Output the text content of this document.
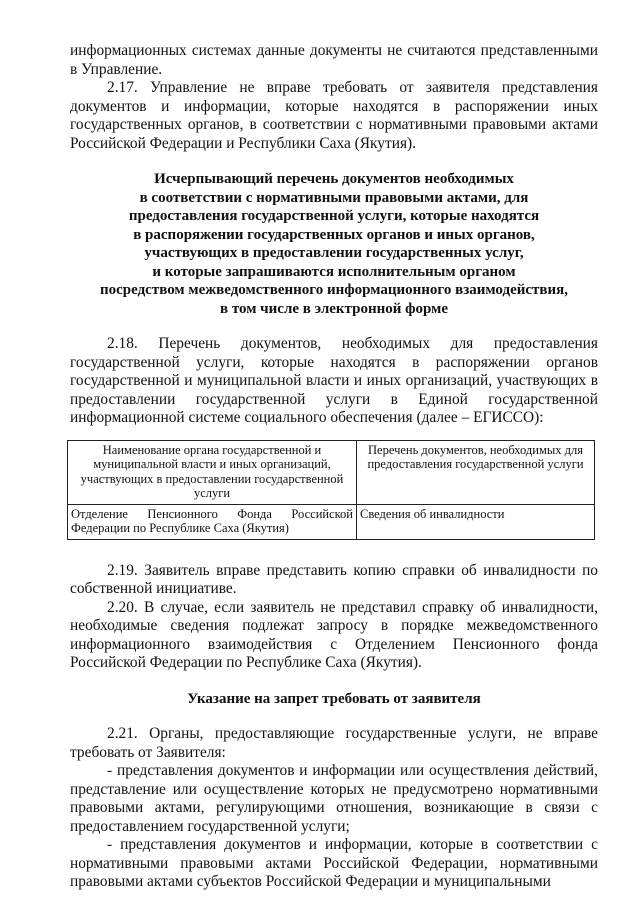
информационных системах данные документы не считаются представленными в Управление.

2.17. Управление не вправе требовать от заявителя представления документов и информации, которые находятся в распоряжении иных государственных органов, в соответствии с нормативными правовыми актами Российской Федерации и Республики Саха (Якутия).

Исчерпывающий перечень документов необходимых
в соответствии с нормативными правовыми актами, для
предоставления государственной услуги, которые находятся
в распоряжении государственных органов и иных органов,
участвующих в предоставлении государственных услуг,
и которые запрашиваются исполнительным органом
посредством межведомственного информационного взаимодействия,
в том числе в электронной форме

2.18. Перечень документов, необходимых для предоставления государственной услуги, которые находятся в распоряжении органов государственной и муниципальной власти и иных организаций, участвующих в предоставлении государственной услуги в Единой государственной информационной системе социального обеспечения (далее – ЕГИССО):

Наименование органа государственной и муниципальной власти и иных организаций, участвующих в предоставлении государственной услуги	Перечень документов, необходимых для предоставления государственной услуги
Отделение Пенсионного Фонда Российской Федерации по Республике Саха (Якутия)	Сведения об инвалидности

2.19. Заявитель вправе представить копию справки об инвалидности по собственной инициативе.

2.20. В случае, если заявитель не представил справку об инвалидности, необходимые сведения подлежат запросу в порядке межведомственного информационного взаимодействия с Отделением Пенсионного фонда Российской Федерации по Республике Саха (Якутия).

Указание на запрет требовать от заявителя

2.21. Органы, предоставляющие государственные услуги, не вправе требовать от Заявителя:

- представления документов и информации или осуществления действий, представление или осуществление которых не предусмотрено нормативными правовыми актами, регулирующими отношения, возникающие в связи с предоставлением государственной услуги;

- представления документов и информации, которые в соответствии с нормативными правовыми актами Российской Федерации, нормативными правовыми актами субъектов Российской Федерации и муниципальными
